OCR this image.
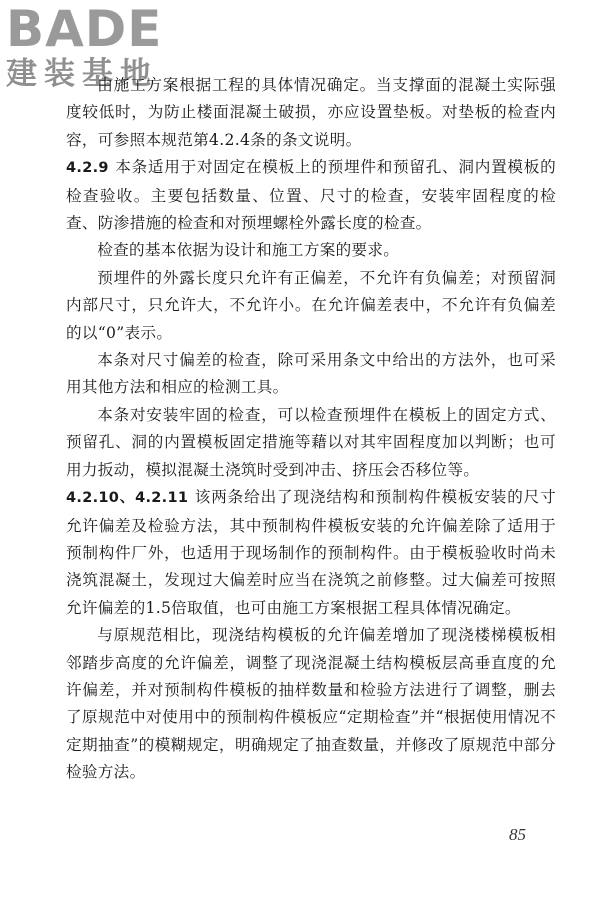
BADE
建装基地

由施工方案根据工程的具体情况确定。当支撑面的混凝土实际强度较低时，为防止楼面混凝土破损，亦应设置垫板。对垫板的检查内容，可参照本规范第4.2.4条的条文说明。

4.2.9 本条适用于对固定在模板上的预埋件和预留孔、洞内置模板的检查验收。主要包括数量、位置、尺寸的检查，安装牢固程度的检查、防渗措施的检查和对预埋螺栓外露长度的检查。

检查的基本依据为设计和施工方案的要求。

预埋件的外露长度只允许有正偏差，不允许有负偏差；对预留洞内部尺寸，只允许大，不允许小。在允许偏差表中，不允许有负偏差的以“0”表示。

本条对尺寸偏差的检查，除可采用条文中给出的方法外，也可采用其他方法和相应的检测工具。

本条对安装牢固的检查，可以检查预埋件在模板上的固定方式、预留孔、洞的内置模板固定措施等藉以对其牢固程度加以判断；也可用力扳动，模拟混凝土浇筑时受到冲击、挤压会否移位等。

4.2.10、4.2.11 该两条给出了现浇结构和预制构件模板安装的尺寸允许偏差及检验方法，其中预制构件模板安装的允许偏差除了适用于预制构件厂外，也适用于现场制作的预制构件。由于模板验收时尚未浇筑混凝土，发现过大偏差时应当在浇筑之前修整。过大偏差可按照允许偏差的1.5倍取值，也可由施工方案根据工程具体情况确定。

与原规范相比，现浇结构模板的允许偏差增加了现浇楼梯模板相邻踏步高度的允许偏差，调整了现浇混凝土结构模板层高垂直度的允许偏差，并对预制构件模板的抽样数量和检验方法进行了调整，删去了原规范中对使用中的预制构件模板应“定期检查”并“根据使用情况不定期抽查”的模糊规定，明确规定了抽查数量，并修改了原规范中部分检验方法。

85
